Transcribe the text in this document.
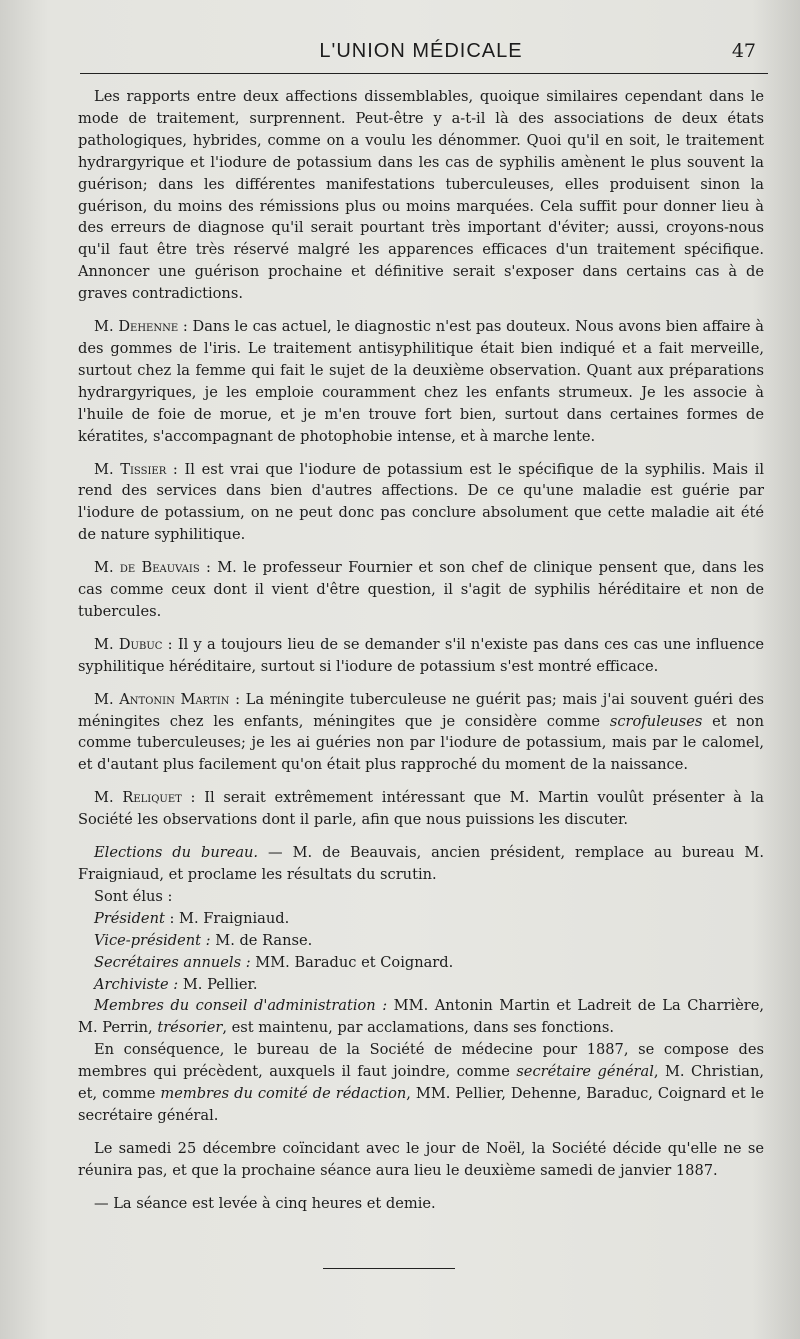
L'UNION MÉDICALE	47

Les rapports entre deux affections dissemblables, quoique similaires cependant dans le mode de traitement, surprennent. Peut-être y a-t-il là des associations de deux états pathologiques, hybrides, comme on a voulu les dénommer. Quoi qu'il en soit, le traitement hydrargyrique et l'iodure de potassium dans les cas de syphilis amènent le plus souvent la guérison; dans les différentes manifestations tuberculeuses, elles produisent sinon la guérison, du moins des rémissions plus ou moins marquées. Cela suffit pour donner lieu à des erreurs de diagnose qu'il serait pourtant très important d'éviter; aussi, croyons-nous qu'il faut être très réservé malgré les apparences efficaces d'un traitement spécifique. Annoncer une guérison prochaine et définitive serait s'exposer dans certains cas à de graves contradictions.

M. Dehenne : Dans le cas actuel, le diagnostic n'est pas douteux. Nous avons bien affaire à des gommes de l'iris. Le traitement antisyphilitique était bien indiqué et a fait merveille, surtout chez la femme qui fait le sujet de la deuxième observation. Quant aux préparations hydrargyriques, je les emploie couramment chez les enfants strumeux. Je les associe à l'huile de foie de morue, et je m'en trouve fort bien, surtout dans certaines formes de kératites, s'accompagnant de photophobie intense, et à marche lente.

M. Tissier : Il est vrai que l'iodure de potassium est le spécifique de la syphilis. Mais il rend des services dans bien d'autres affections. De ce qu'une maladie est guérie par l'iodure de potassium, on ne peut donc pas conclure absolument que cette maladie ait été de nature syphilitique.

M. de Beauvais : M. le professeur Fournier et son chef de clinique pensent que, dans les cas comme ceux dont il vient d'être question, il s'agit de syphilis héréditaire et non de tubercules.

M. Dubuc : Il y a toujours lieu de se demander s'il n'existe pas dans ces cas une influence syphilitique héréditaire, surtout si l'iodure de potassium s'est montré efficace.

M. Antonin Martin : La méningite tuberculeuse ne guérit pas; mais j'ai souvent guéri des méningites chez les enfants, méningites que je considère comme scrofuleuses et non comme tuberculeuses; je les ai guéries non par l'iodure de potassium, mais par le calomel, et d'autant plus facilement qu'on était plus rapproché du moment de la naissance.

M. Reliquet : Il serait extrêmement intéressant que M. Martin voulût présenter à la Société les observations dont il parle, afin que nous puissions les discuter.

Elections du bureau. — M. de Beauvais, ancien président, remplace au bureau M. Fraigniaud, et proclame les résultats du scrutin.

Sont élus :

Président : M. Fraigniaud.

Vice-président : M. de Ranse.

Secrétaires annuels : MM. Baraduc et Coignard.

Archiviste : M. Pellier.

Membres du conseil d'administration : MM. Antonin Martin et Ladreit de La Charrière, M. Perrin, trésorier, est maintenu, par acclamations, dans ses fonctions.

En conséquence, le bureau de la Société de médecine pour 1887, se compose des membres qui précèdent, auxquels il faut joindre, comme secrétaire général, M. Christian, et, comme membres du comité de rédaction, MM. Pellier, Dehenne, Baraduc, Coignard et le secrétaire général.

Le samedi 25 décembre coïncidant avec le jour de Noël, la Société décide qu'elle ne se réunira pas, et que la prochaine séance aura lieu le deuxième samedi de janvier 1887.

— La séance est levée à cinq heures et demie.
